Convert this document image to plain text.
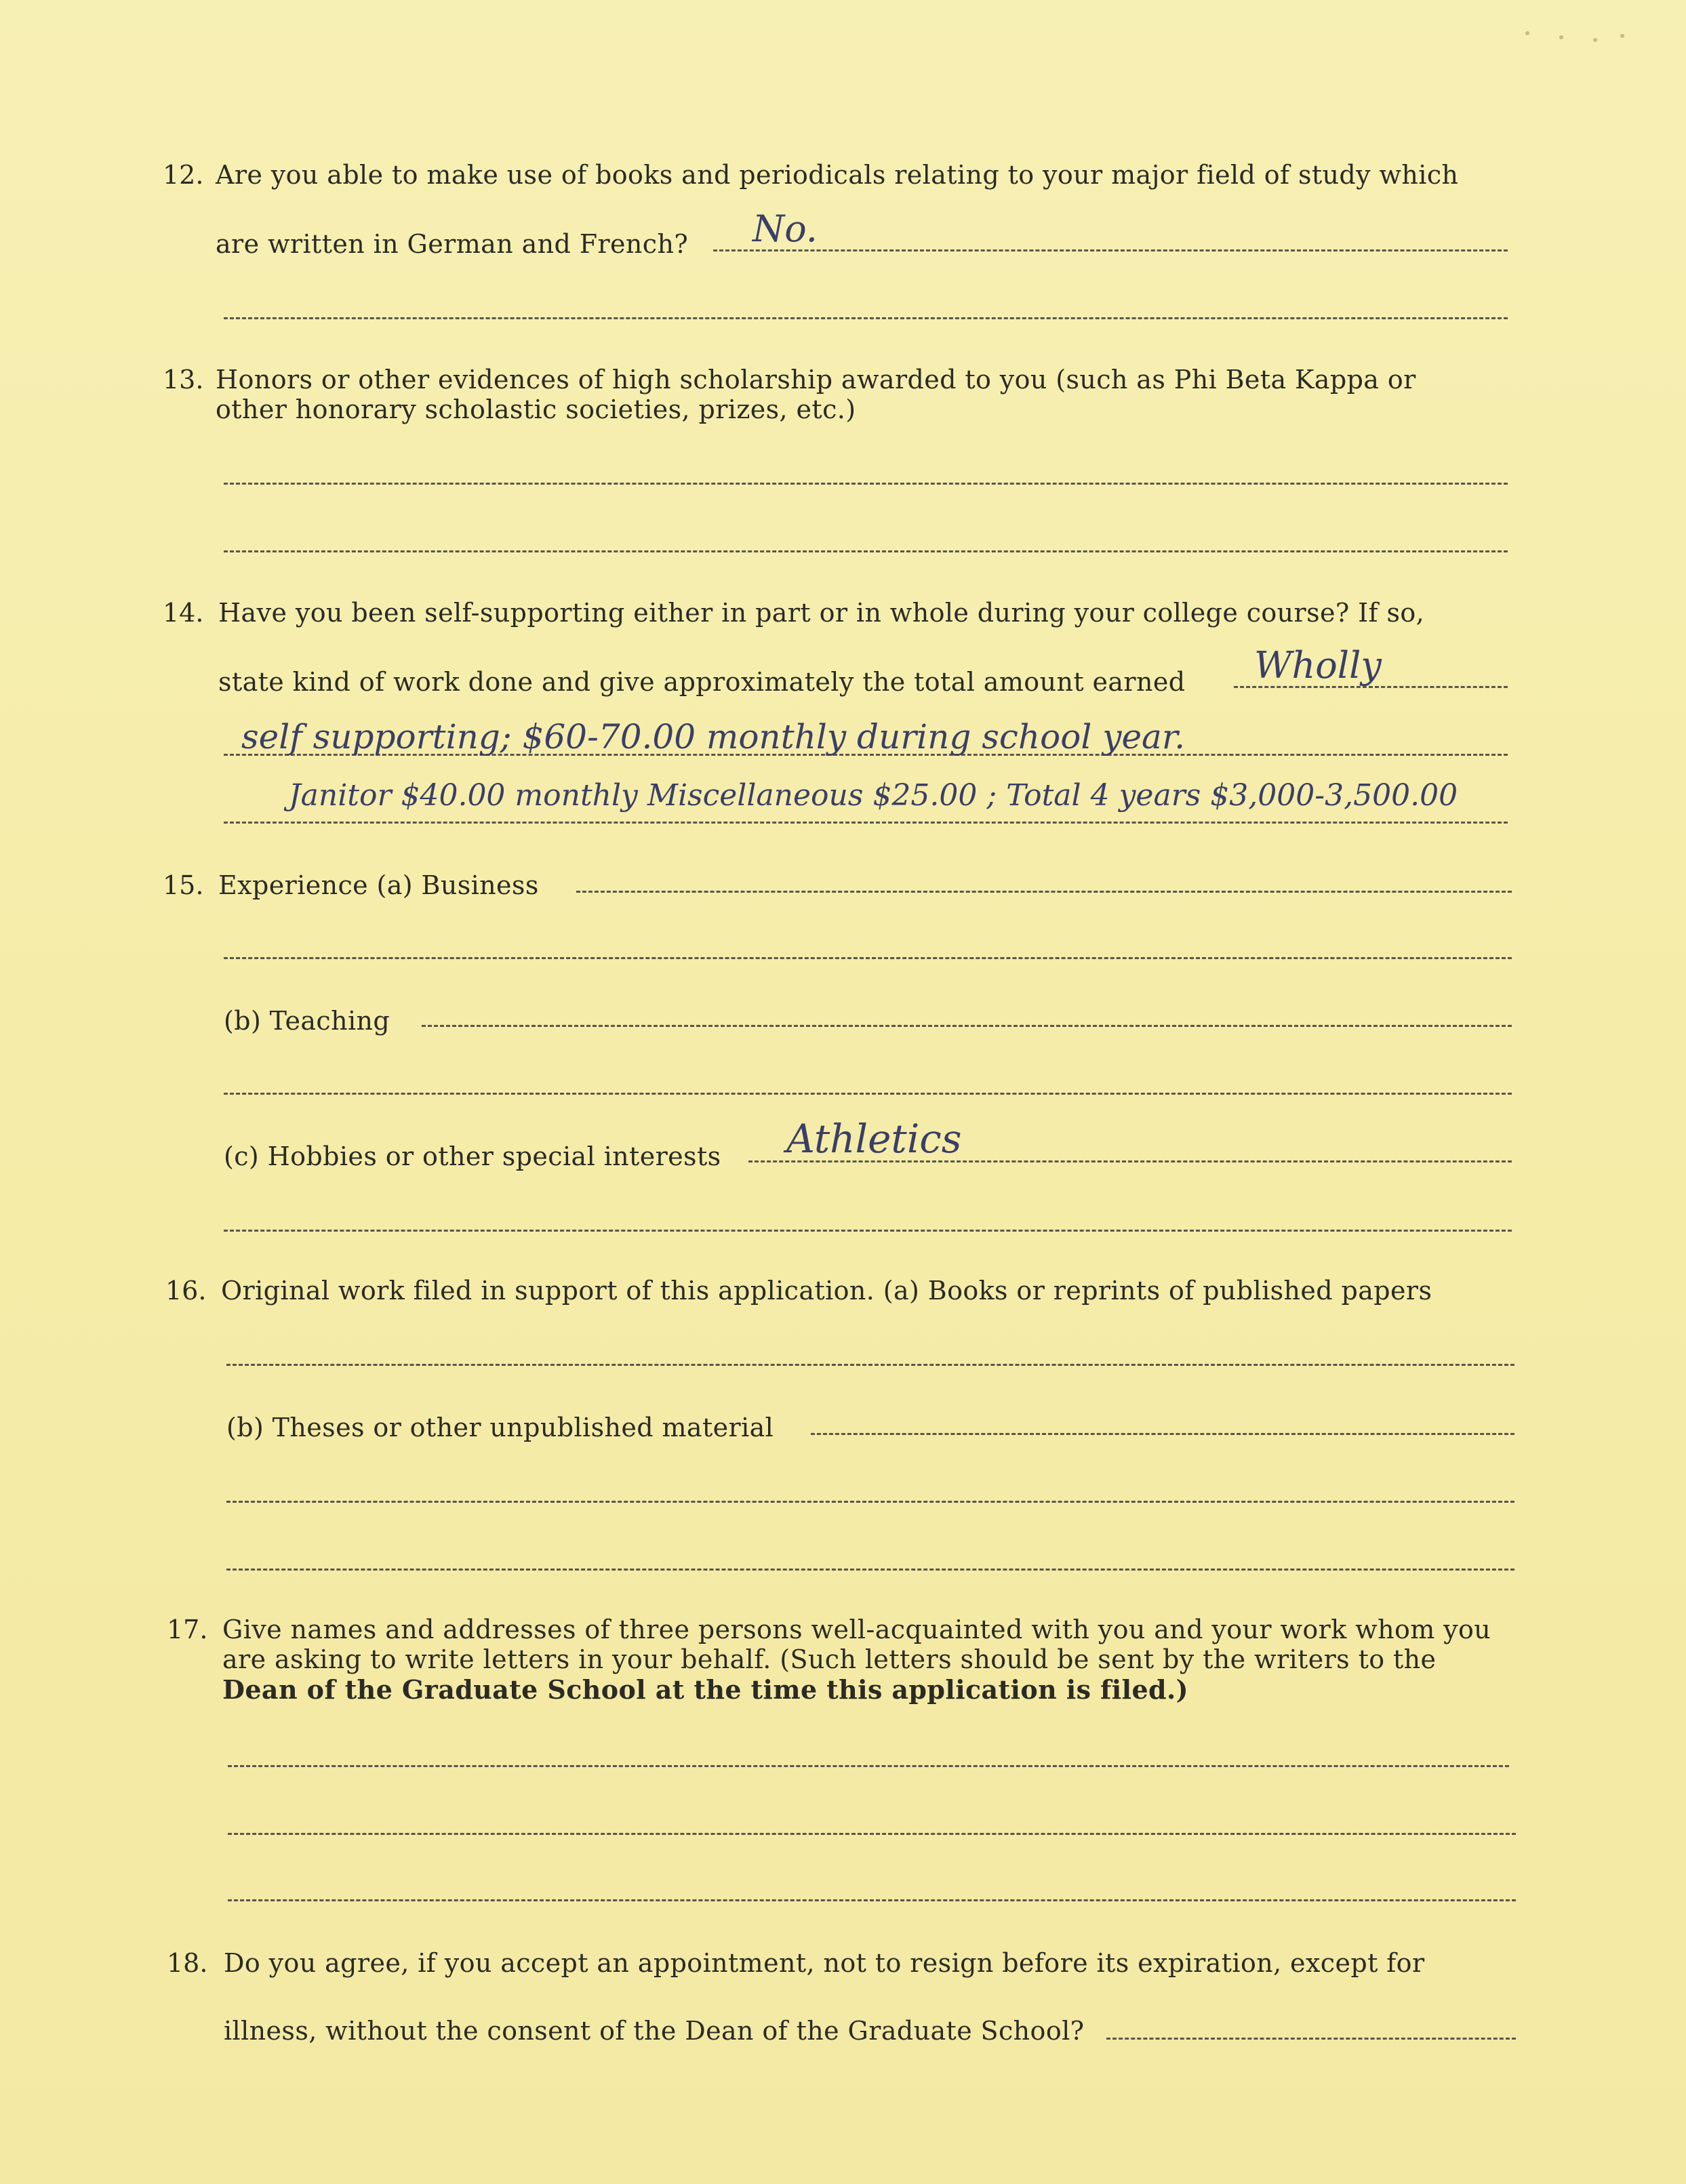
12. Are you able to make use of books and periodicals relating to your major field of study which
are written in German and French? No.
13. Honors or other evidences of high scholarship awarded to you (such as Phi Beta Kappa or
other honorary scholastic societies, prizes, etc.)
14. Have you been self-supporting either in part or in whole during your college course? If so,
state kind of work done and give approximately the total amount earned Wholly
self supporting; $60-70.00 monthly during school year.
Janitor $40.00 monthly Miscellaneous $25.00 ; Total 4 years $3,000-3,500.00
15. Experience (a) Business
(b) Teaching
(c) Hobbies or other special interests Athletics
16. Original work filed in support of this application. (a) Books or reprints of published papers
(b) Theses or other unpublished material
17. Give names and addresses of three persons well-acquainted with you and your work whom you
are asking to write letters in your behalf. (Such letters should be sent by the writers to the
Dean of the Graduate School at the time this application is filed.)
18. Do you agree, if you accept an appointment, not to resign before its expiration, except for
illness, without the consent of the Dean of the Graduate School?
